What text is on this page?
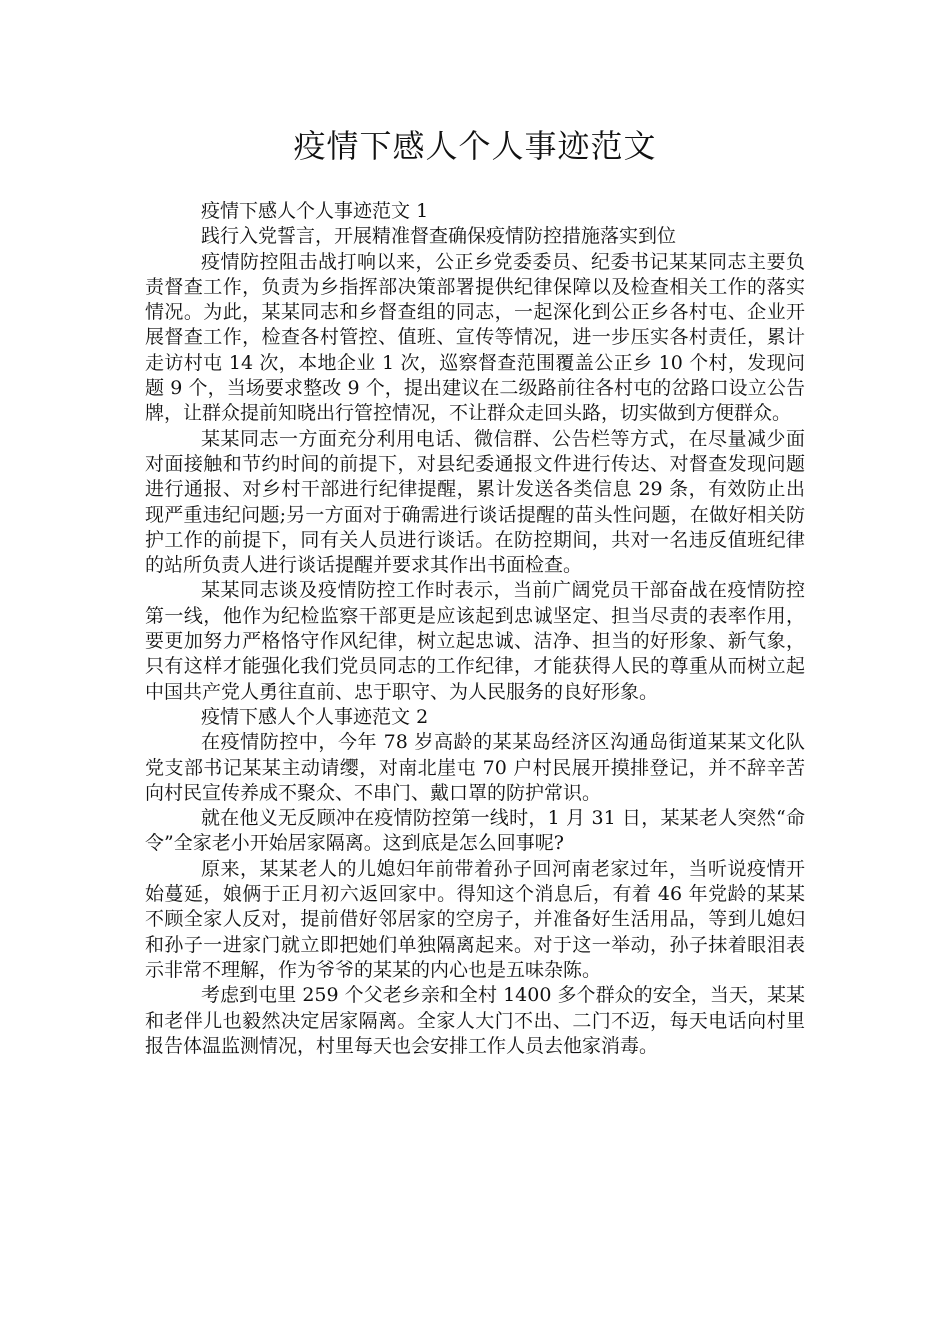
疫情下感人个人事迹范文

疫情下感人个人事迹范文 1

践行入党誓言，开展精准督查确保疫情防控措施落实到位

疫情防控阻击战打响以来，公正乡党委委员、纪委书记某某同志主要负责督查工作，负责为乡指挥部决策部署提供纪律保障以及检查相关工作的落实情况。为此，某某同志和乡督查组的同志，一起深化到公正乡各村屯、企业开展督查工作，检查各村管控、值班、宣传等情况，进一步压实各村责任，累计走访村屯 14 次，本地企业 1 次，巡察督查范围覆盖公正乡 10 个村，发现问题 9 个，当场要求整改 9 个，提出建议在二级路前往各村屯的岔路口设立公告牌，让群众提前知晓出行管控情况，不让群众走回头路，切实做到方便群众。

某某同志一方面充分利用电话、微信群、公告栏等方式，在尽量减少面对面接触和节约时间的前提下，对县纪委通报文件进行传达、对督查发现问题进行通报、对乡村干部进行纪律提醒，累计发送各类信息 29 条，有效防止出现严重违纪问题;另一方面对于确需进行谈话提醒的苗头性问题，在做好相关防护工作的前提下，同有关人员进行谈话。在防控期间，共对一名违反值班纪律的站所负责人进行谈话提醒并要求其作出书面检查。

某某同志谈及疫情防控工作时表示，当前广阔党员干部奋战在疫情防控第一线，他作为纪检监察干部更是应该起到忠诚坚定、担当尽责的表率作用，要更加努力严格恪守作风纪律，树立起忠诚、洁净、担当的好形象、新气象，只有这样才能强化我们党员同志的工作纪律，才能获得人民的尊重从而树立起中国共产党人勇往直前、忠于职守、为人民服务的良好形象。

疫情下感人个人事迹范文 2

在疫情防控中，今年 78 岁高龄的某某岛经济区沟通岛街道某某文化队党支部书记某某主动请缨，对南北崖屯 70 户村民展开摸排登记，并不辞辛苦向村民宣传养成不聚众、不串门、戴口罩的防护常识。

就在他义无反顾冲在疫情防控第一线时，1 月 31 日，某某老人突然“命令”全家老小开始居家隔离。这到底是怎么回事呢?

原来，某某老人的儿媳妇年前带着孙子回河南老家过年，当听说疫情开始蔓延，娘俩于正月初六返回家中。得知这个消息后，有着 46 年党龄的某某不顾全家人反对，提前借好邻居家的空房子，并准备好生活用品，等到儿媳妇和孙子一进家门就立即把她们单独隔离起来。对于这一举动，孙子抹着眼泪表示非常不理解，作为爷爷的某某的内心也是五味杂陈。

考虑到屯里 259 个父老乡亲和全村 1400 多个群众的安全，当天，某某和老伴儿也毅然决定居家隔离。全家人大门不出、二门不迈，每天电话向村里报告体温监测情况，村里每天也会安排工作人员去他家消毒。
